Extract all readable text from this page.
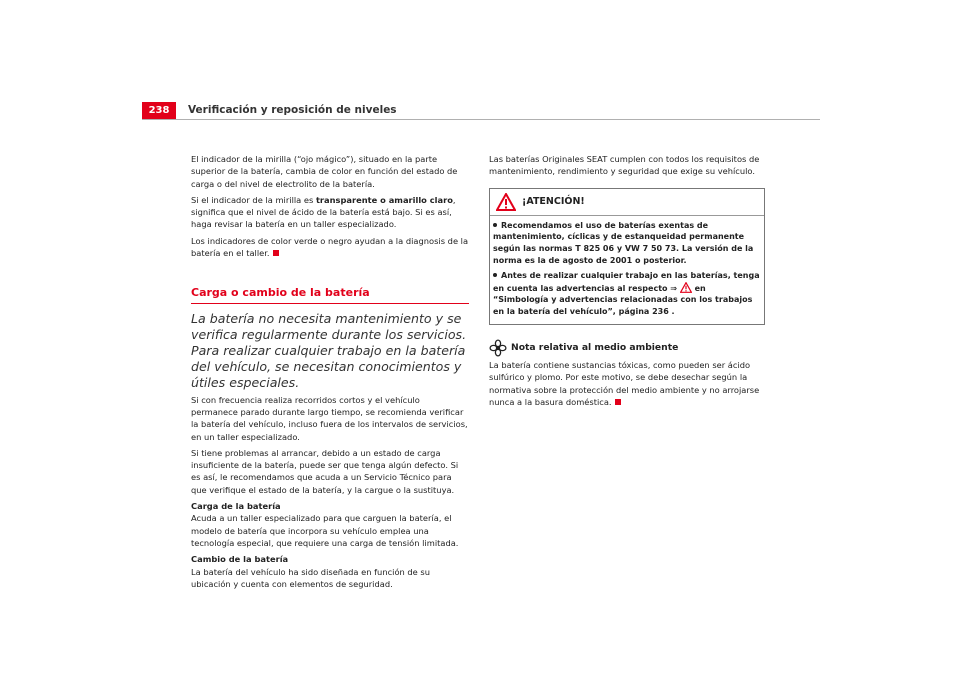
238	Verificación y reposición de niveles

El indicador de la mirilla (“ojo mágico”), situado en la parte superior de la batería, cambia de color en función del estado de carga o del nivel de electrolito de la batería.

Si el indicador de la mirilla es transparente o amarillo claro, significa que el nivel de ácido de la batería está bajo. Si es así, haga revisar la batería en un taller especializado.

Los indicadores de color verde o negro ayudan a la diagnosis de la batería en el taller.

Carga o cambio de la batería

La batería no necesita mantenimiento y se verifica regularmente durante los servicios. Para realizar cualquier trabajo en la batería del vehículo, se necesitan conocimientos y útiles especiales.

Si con frecuencia realiza recorridos cortos y el vehículo permanece parado durante largo tiempo, se recomienda verificar la batería del vehículo, incluso fuera de los intervalos de servicios, en un taller especializado.

Si tiene problemas al arrancar, debido a un estado de carga insuficiente de la batería, puede ser que tenga algún defecto. Si es así, le recomendamos que acuda a un Servicio Técnico para que verifique el estado de la batería, y la cargue o la sustituya.

Carga de la batería

Acuda a un taller especializado para que carguen la batería, el modelo de batería que incorpora su vehículo emplea una tecnología especial, que requiere una carga de tensión limitada.

Cambio de la batería

La batería del vehículo ha sido diseñada en función de su ubicación y cuenta con elementos de seguridad.

Las baterías Originales SEAT cumplen con todos los requisitos de mantenimiento, rendimiento y seguridad que exige su vehículo.

¡ATENCIÓN!
Recomendamos el uso de baterías exentas de mantenimiento, cíclicas y de estanqueidad permanente según las normas T 825 06 y VW 7 50 73. La versión de la norma es la de agosto de 2001 o posterior.
Antes de realizar cualquier trabajo en las baterías, tenga en cuenta las advertencias al respecto ⇒  en “Simbología y advertencias relacionadas con los trabajos en la batería del vehículo”, página 236 .
Nota relativa al medio ambiente

La batería contiene sustancias tóxicas, como pueden ser ácido sulfúrico y plomo. Por este motivo, se debe desechar según la normativa sobre la protección del medio ambiente y no arrojarse nunca a la basura doméstica.
